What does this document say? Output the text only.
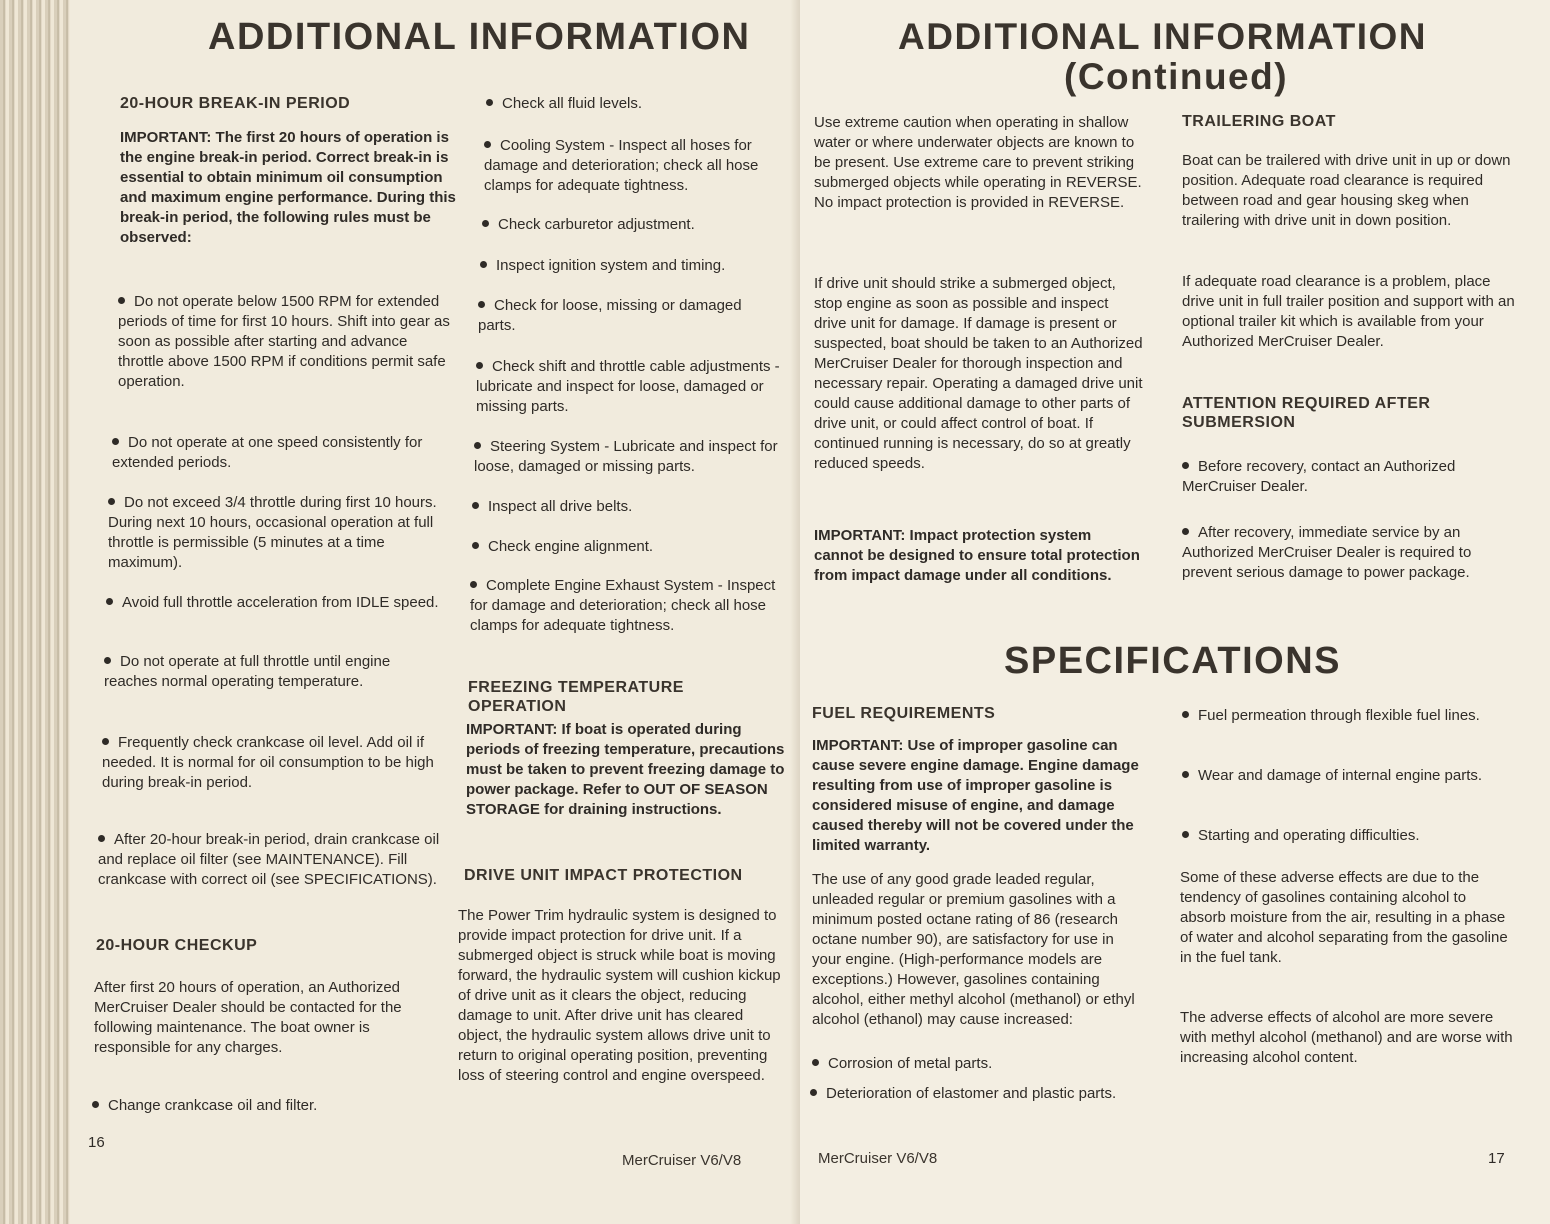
ADDITIONAL INFORMATION
20-HOUR BREAK-IN PERIOD
IMPORTANT: The first 20 hours of operation is the engine break-in period. Correct break-in is essential to obtain minimum oil consumption and maximum engine performance. During this break-in period, the following rules must be observed:
Do not operate below 1500 RPM for extended periods of time for first 10 hours. Shift into gear as soon as possible after starting and advance throttle above 1500 RPM if conditions permit safe operation.
Do not operate at one speed consistently for extended periods.
Do not exceed 3/4 throttle during first 10 hours. During next 10 hours, occasional operation at full throttle is permissible (5 minutes at a time maximum).
Avoid full throttle acceleration from IDLE speed.
Do not operate at full throttle until engine reaches normal operating temperature.
Frequently check crankcase oil level. Add oil if needed. It is normal for oil consumption to be high during break-in period.
After 20-hour break-in period, drain crankcase oil and replace oil filter (see MAINTENANCE). Fill crankcase with correct oil (see SPECIFICATIONS).
20-HOUR CHECKUP
After first 20 hours of operation, an Authorized MerCruiser Dealer should be contacted for the following maintenance. The boat owner is responsible for any charges.
Change crankcase oil and filter.
16
Check all fluid levels.
Cooling System - Inspect all hoses for damage and deterioration; check all hose clamps for adequate tightness.
Check carburetor adjustment.
Inspect ignition system and timing.
Check for loose, missing or damaged parts.
Check shift and throttle cable adjustments - lubricate and inspect for loose, damaged or missing parts.
Steering System - Lubricate and inspect for loose, damaged or missing parts.
Inspect all drive belts.
Check engine alignment.
Complete Engine Exhaust System - Inspect for damage and deterioration; check all hose clamps for adequate tightness.
FREEZING TEMPERATURE OPERATION
IMPORTANT: If boat is operated during periods of freezing temperature, precautions must be taken to prevent freezing damage to power package. Refer to OUT OF SEASON STORAGE for draining instructions.
DRIVE UNIT IMPACT PROTECTION
The Power Trim hydraulic system is designed to provide impact protection for drive unit. If a submerged object is struck while boat is moving forward, the hydraulic system will cushion kickup of drive unit as it clears the object, reducing damage to unit. After drive unit has cleared object, the hydraulic system allows drive unit to return to original operating position, preventing loss of steering control and engine overspeed.
MerCruiser V6/V8
ADDITIONAL INFORMATION
(Continued)
Use extreme caution when operating in shallow water or where underwater objects are known to be present. Use extreme care to prevent striking submerged objects while operating in REVERSE. No impact protection is provided in REVERSE.
If drive unit should strike a submerged object, stop engine as soon as possible and inspect drive unit for damage. If damage is present or suspected, boat should be taken to an Authorized MerCruiser Dealer for thorough inspection and necessary repair. Operating a damaged drive unit could cause additional damage to other parts of drive unit, or could affect control of boat. If continued running is necessary, do so at greatly reduced speeds.
IMPORTANT: Impact protection system cannot be designed to ensure total protection from impact damage under all conditions.
TRAILERING BOAT
Boat can be trailered with drive unit in up or down position. Adequate road clearance is required between road and gear housing skeg when trailering with drive unit in down position.
If adequate road clearance is a problem, place drive unit in full trailer position and support with an optional trailer kit which is available from your Authorized MerCruiser Dealer.
ATTENTION REQUIRED AFTER SUBMERSION
Before recovery, contact an Authorized MerCruiser Dealer.
After recovery, immediate service by an Authorized MerCruiser Dealer is required to prevent serious damage to power package.
SPECIFICATIONS
FUEL REQUIREMENTS
IMPORTANT: Use of improper gasoline can cause severe engine damage. Engine damage resulting from use of improper gasoline is considered misuse of engine, and damage caused thereby will not be covered under the limited warranty.
The use of any good grade leaded regular, unleaded regular or premium gasolines with a minimum posted octane rating of 86 (research octane number 90), are satisfactory for use in your engine. (High-performance models are exceptions.) However, gasolines containing alcohol, either methyl alcohol (methanol) or ethyl alcohol (ethanol) may cause increased:
Corrosion of metal parts.
Deterioration of elastomer and plastic parts.
Fuel permeation through flexible fuel lines.
Wear and damage of internal engine parts.
Starting and operating difficulties.
Some of these adverse effects are due to the tendency of gasolines containing alcohol to absorb moisture from the air, resulting in a phase of water and alcohol separating from the gasoline in the fuel tank.
The adverse effects of alcohol are more severe with methyl alcohol (methanol) and are worse with increasing alcohol content.
MerCruiser V6/V8	17
